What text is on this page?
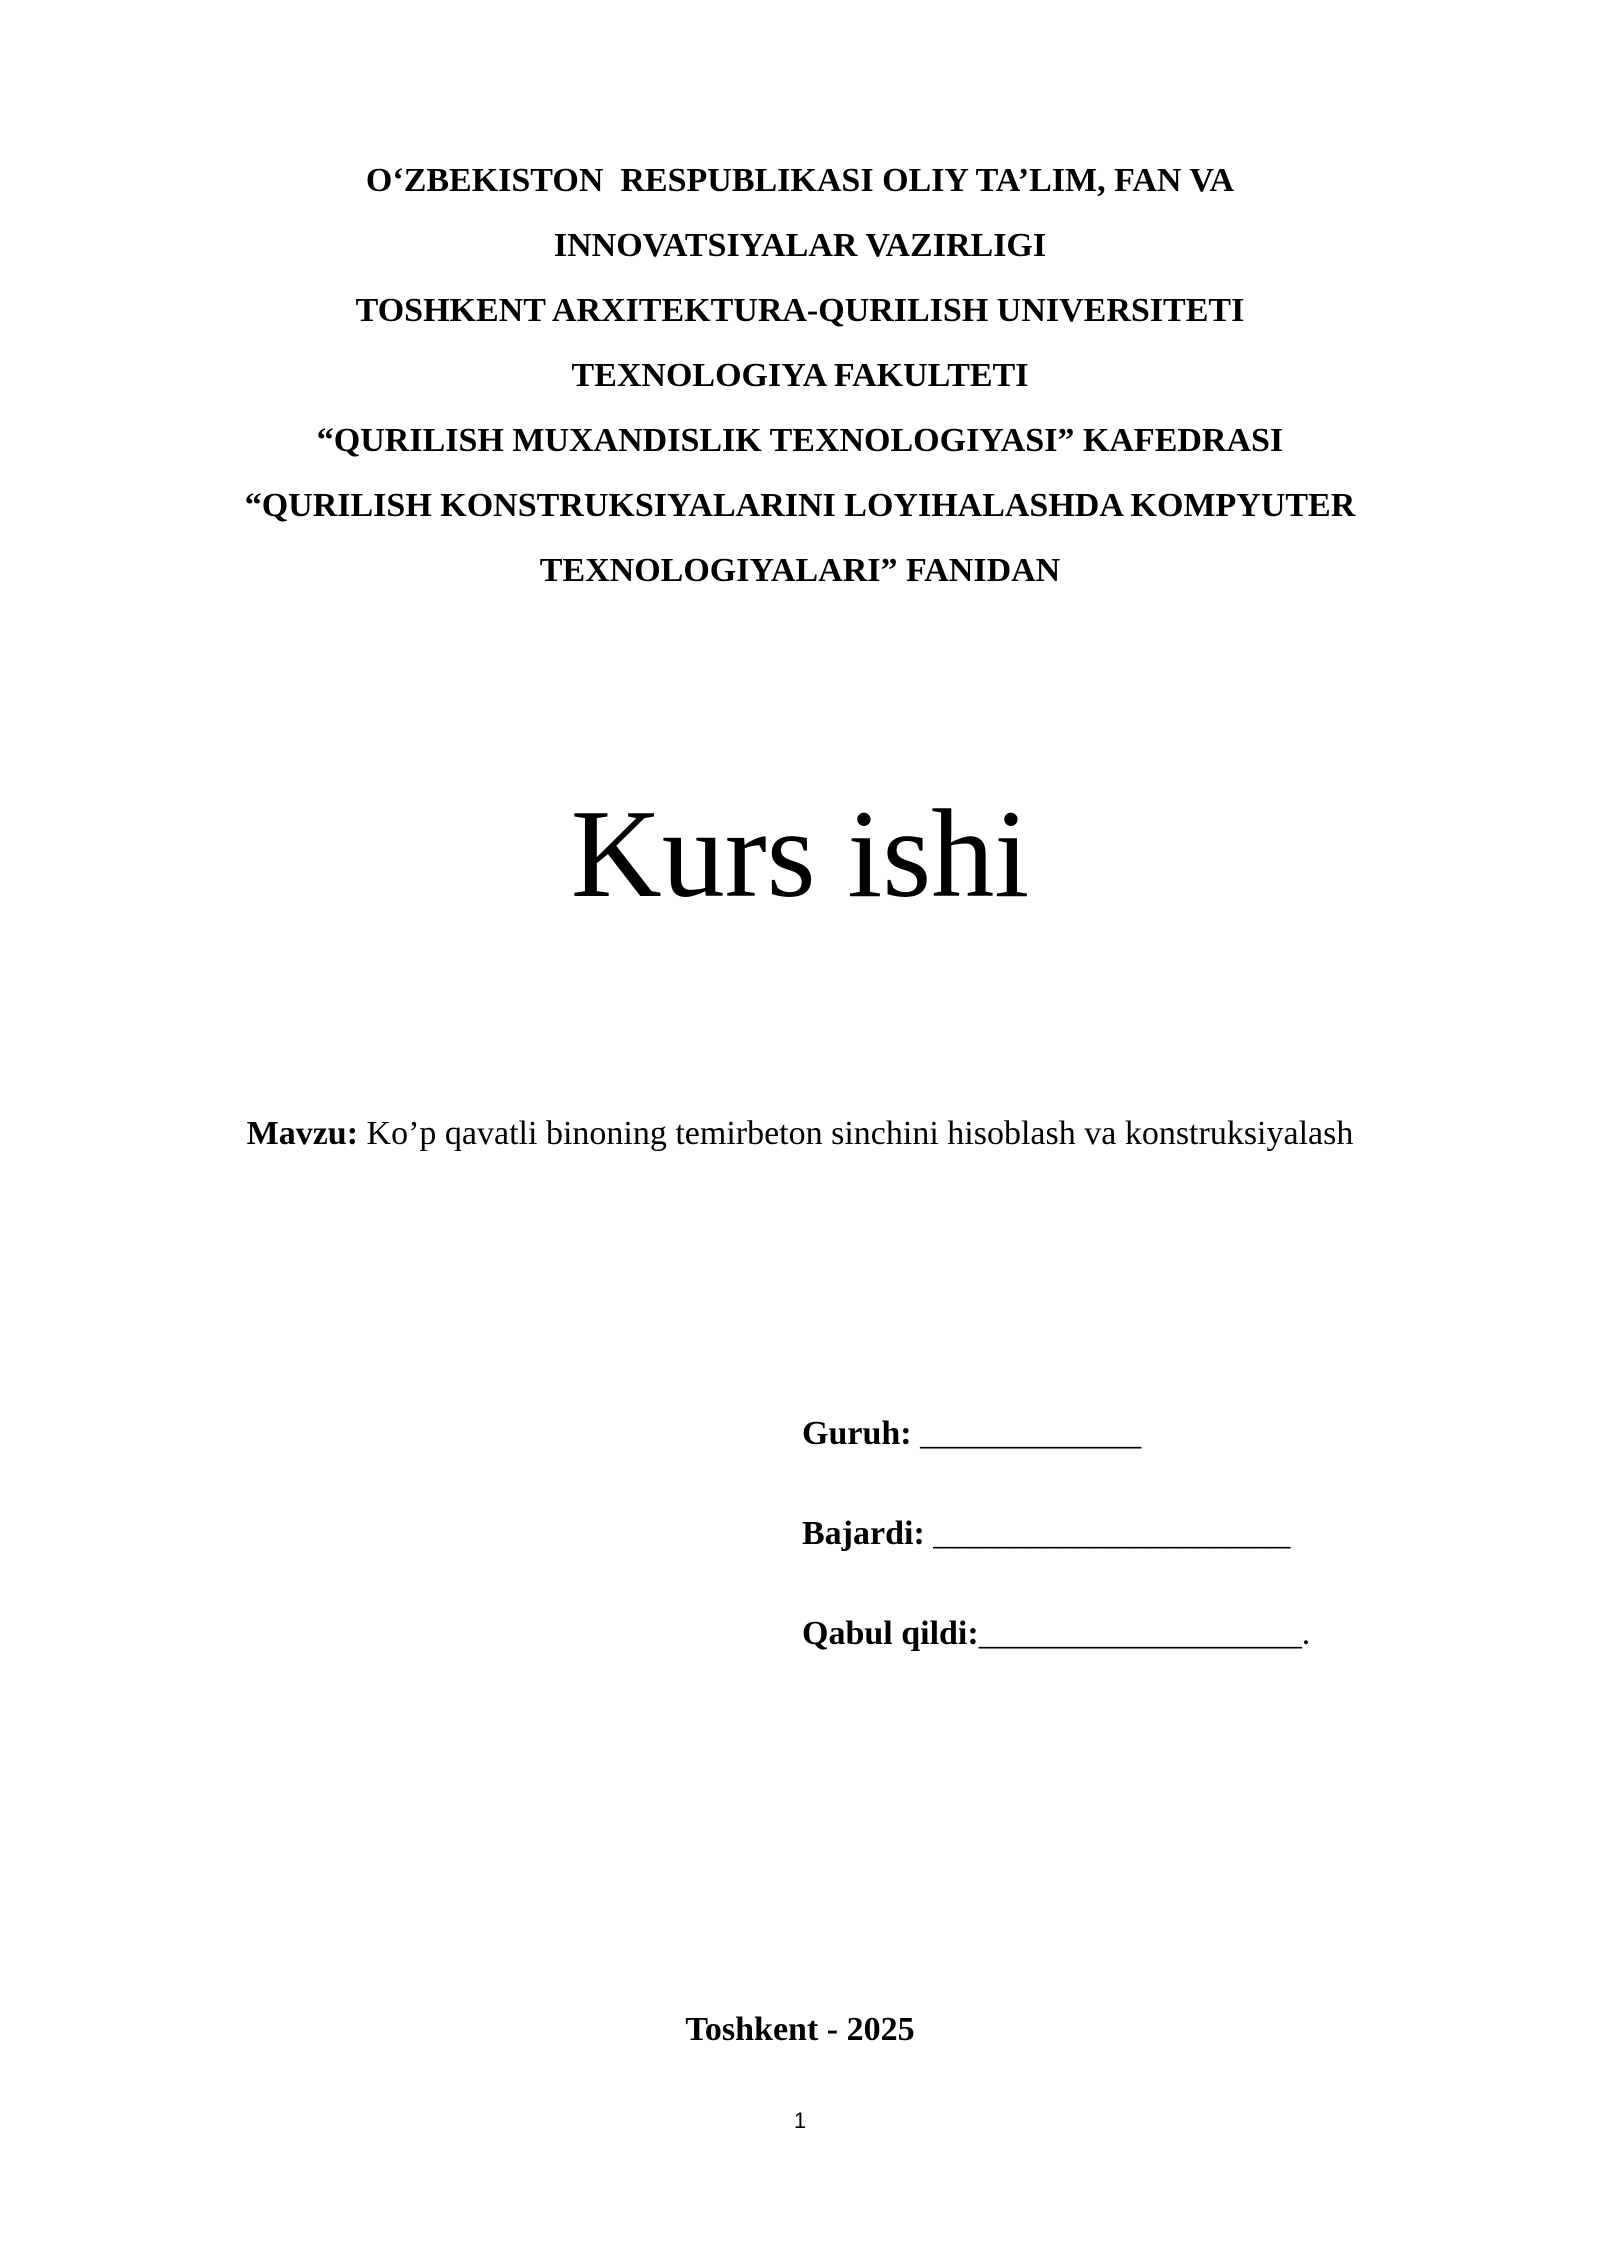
O‘ZBEKISTON  RESPUBLIKASI OLIY TA’LIM, FAN VA
INNOVATSIYALAR VAZIRLIGI
TOSHKENT ARXITEKTURA-QURILISH UNIVERSITETI
TEXNOLOGIYA FAKULTETI
“QURILISH MUXANDISLIK TEXNOLOGIYASI” KAFEDRASI
“QURILISH KONSTRUKSIYALARINI LOYIHALASHDA KOMPYUTER
TEXNOLOGIYALARI” FANIDAN
Kurs ishi
Mavzu: Ko’p qavatli binoning temirbeton sinchini hisoblash va konstruksiyalash
Guruh: _____________
Bajardi: _____________________
Qabul qildi:___________________.
Toshkent - 2025
1
